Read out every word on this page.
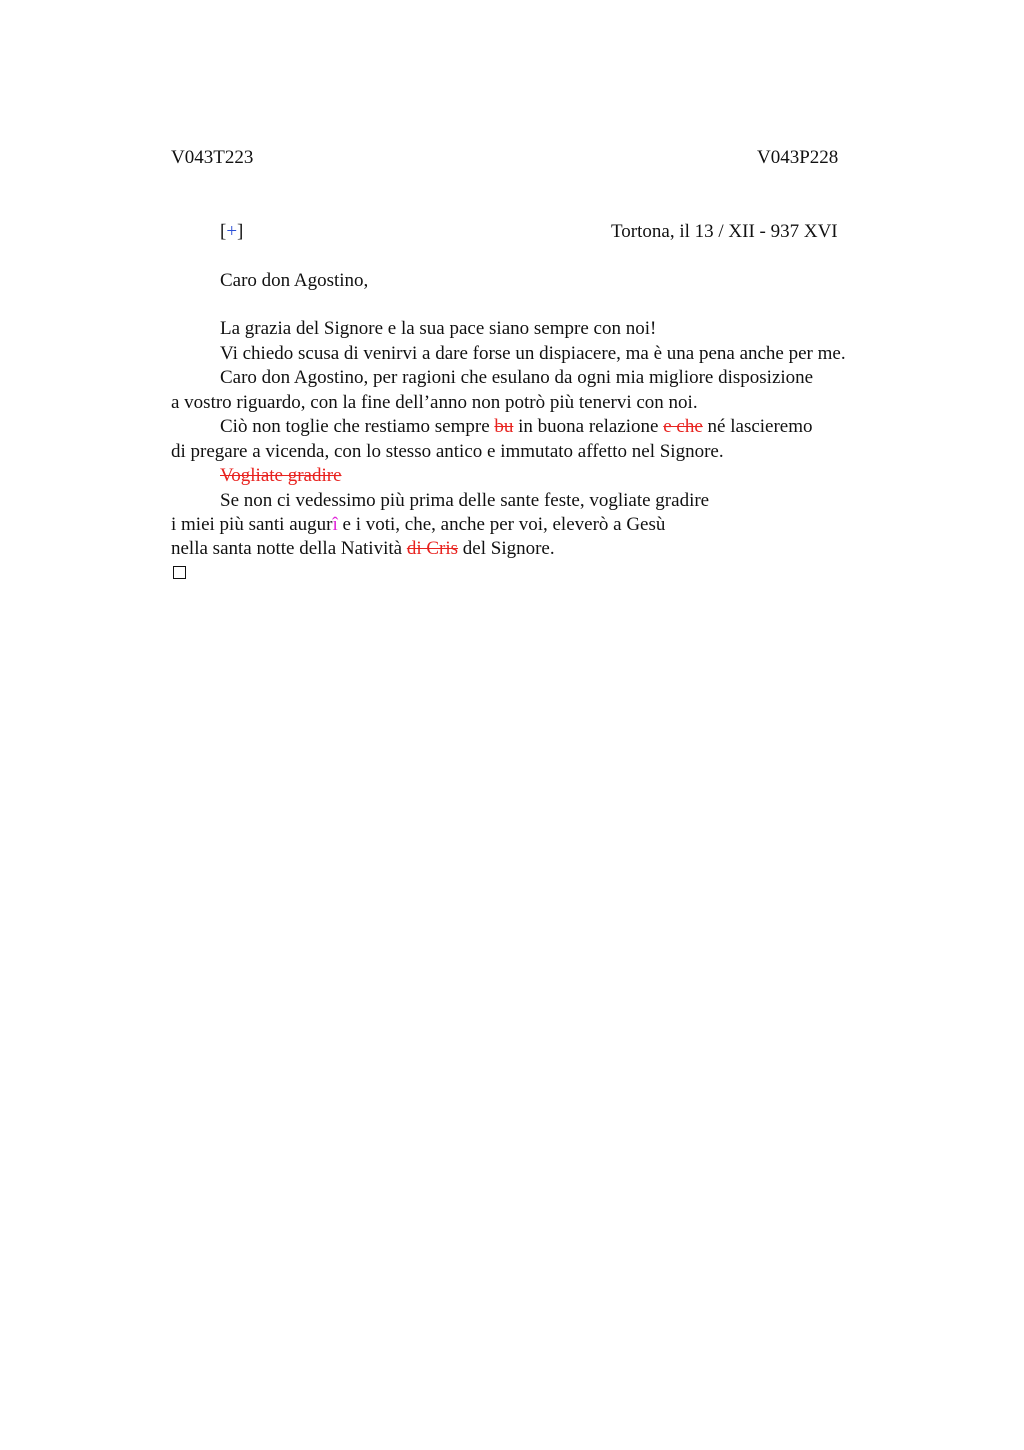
V043T223	V043P228
[+]	Tortona, il 13 / XII - 937 XVI
Caro don Agostino,
La grazia del Signore e la sua pace siano sempre con noi!
Vi chiedo scusa di venirvi a dare forse un dispiacere, ma è una pena anche per me.
Caro don Agostino, per ragioni che esulano da ogni mia migliore disposizione
a vostro riguardo, con la fine dell’anno non potrò più tenervi con noi.
Ciò non toglie che restiamo sempre bu in buona relazione e che né lascieremo
di pregare a vicenda, con lo stesso antico e immutato affetto nel Signore.
Vogliate gradire
Se non ci vedessimo più prima delle sante feste, vogliate gradire
i miei più santi augurî e i voti, che, anche per voi, eleverò a Gesù
nella santa notte della Natività di Cris del Signore.
